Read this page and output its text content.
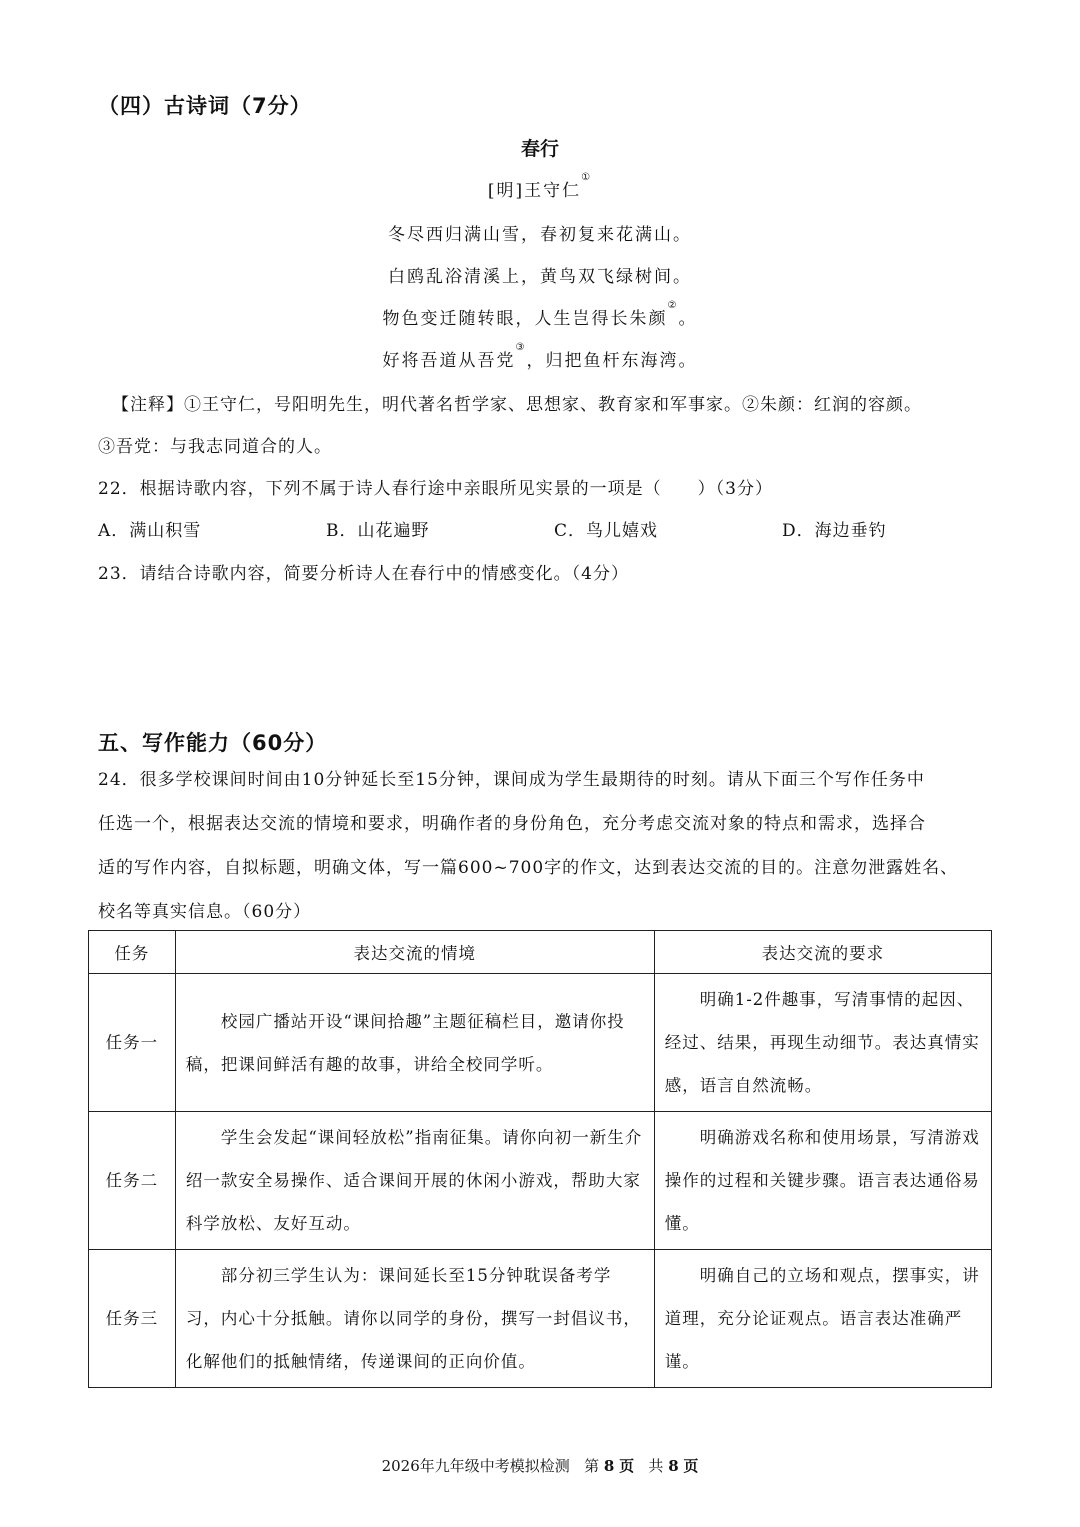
（四）古诗词（7分）
春行
[明]王守仁①
冬尽西归满山雪，春初复来花满山。
白鸥乱浴清溪上，黄鸟双飞绿树间。
物色变迁随转眼，人生岂得长朱颜②。
好将吾道从吾党③，归把鱼杆东海湾。
【注释】①王守仁，号阳明先生，明代著名哲学家、思想家、教育家和军事家。②朱颜：红润的容颜。
③吾党：与我志同道合的人。
22．根据诗歌内容，下列不属于诗人春行途中亲眼所见实景的一项是（　　）（3分）
A．满山积雪	B．山花遍野	C．鸟儿嬉戏	D．海边垂钓
23．请结合诗歌内容，简要分析诗人在春行中的情感变化。（4分）
五、写作能力（60分）
24．很多学校课间时间由10分钟延长至15分钟，课间成为学生最期待的时刻。请从下面三个写作任务中
任选一个，根据表达交流的情境和要求，明确作者的身份角色，充分考虑交流对象的特点和需求，选择合
适的写作内容，自拟标题，明确文体，写一篇600~700字的作文，达到表达交流的目的。注意勿泄露姓名、
校名等真实信息。（60分）
任务	表达交流的情境	表达交流的要求
任务一	　　校园广播站开设“课间拾趣”主题征稿栏目，邀请你投稿，把课间鲜活有趣的故事，讲给全校同学听。	　　明确1-2件趣事，写清事情的起因、经过、结果，再现生动细节。表达真情实感，语言自然流畅。
任务二	　　学生会发起“课间轻放松”指南征集。请你向初一新生介绍一款安全易操作、适合课间开展的休闲小游戏，帮助大家科学放松、友好互动。	　　明确游戏名称和使用场景，写清游戏操作的过程和关键步骤。语言表达通俗易懂。
任务三	　　部分初三学生认为：课间延长至15分钟耽误备考学习，内心十分抵触。请你以同学的身份，撰写一封倡议书，化解他们的抵触情绪，传递课间的正向价值。	　　明确自己的立场和观点，摆事实，讲道理，充分论证观点。语言表达准确严谨。
2026年九年级中考模拟检测 第 8 页 共 8 页
